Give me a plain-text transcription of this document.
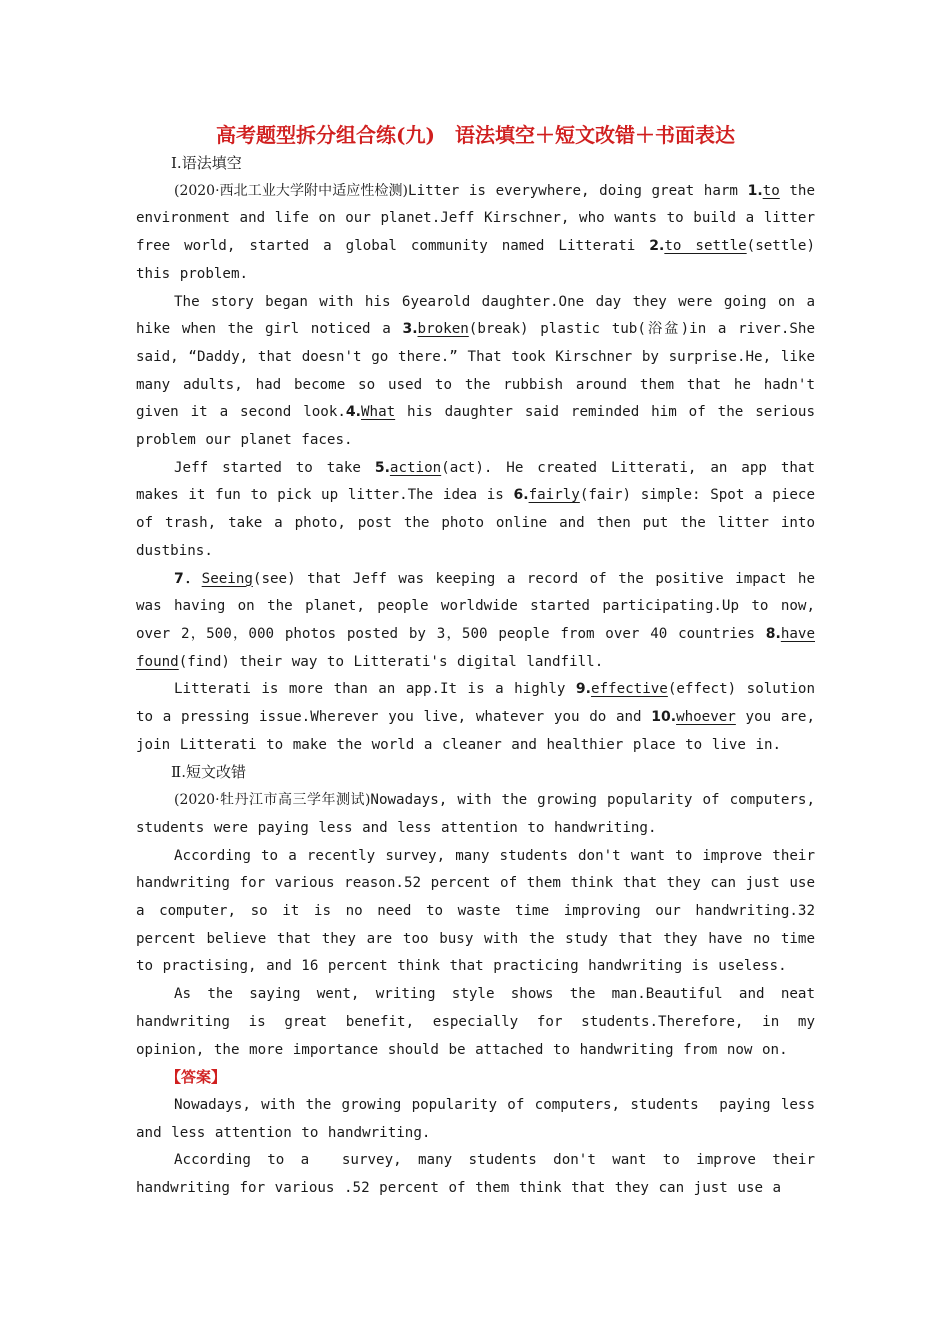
高考题型拆分组合练(九)　语法填空＋短文改错＋书面表达

Ⅰ.语法填空

(2020·西北工业大学附中适应性检测)Litter is everywhere, doing great harm 1.to the environment and life on our planet.Jeff Kirschner, who wants to build a litter free world, started a global community named Litterati 2.to settle(settle) this problem.

The story began with his 6yearold daughter.One day they were going on a hike when the girl noticed a 3.broken(break) plastic tub(浴盆)in a river.She said, “Daddy, that doesn't go there.” That took Kirschner by surprise.He, like many adults, had become so used to the rubbish around them that he hadn't given it a second look.4.What his daughter said reminded him of the serious problem our planet faces.

Jeff started to take 5.action(act). He created Litterati, an app that makes it fun to pick up litter.The idea is 6.fairly(fair) simple: Spot a piece of trash, take a photo, post the photo online and then put the litter into dustbins.

7．Seeing(see) that Jeff was keeping a record of the positive impact he was having on the planet, people worldwide started participating.Up to now, over 2，500，000 photos posted by 3，500 people from over 40 countries 8.have found(find) their way to Litterati's digital landfill.

Litterati is more than an app.It is a highly 9.effective(effect) solution to a pressing issue.Wherever you live, whatever you do and 10.whoever you are, join Litterati to make the world a cleaner and healthier place to live in.

Ⅱ.短文改错

(2020·牡丹江市高三学年测试)Nowadays, with the growing popularity of computers, students were paying less and less attention to handwriting.

According to a recently survey, many students don't want to improve their handwriting for various reason.52 percent of them think that they can just use a computer, so it is no need to waste time improving our handwriting.32 percent believe that they are too busy with the study that they have no time to practising, and 16 percent think that practicing handwriting is useless.

As the saying went, writing style shows the man.Beautiful and neat handwriting is great benefit, especially for students.Therefore, in my opinion, the more importance should be attached to handwriting from now on.

【答案】

Nowadays, with the growing popularity of computers, students  paying less and less attention to handwriting.

According to a  survey, many students don't want to improve their handwriting for various .52 percent of them think that they can just use a
